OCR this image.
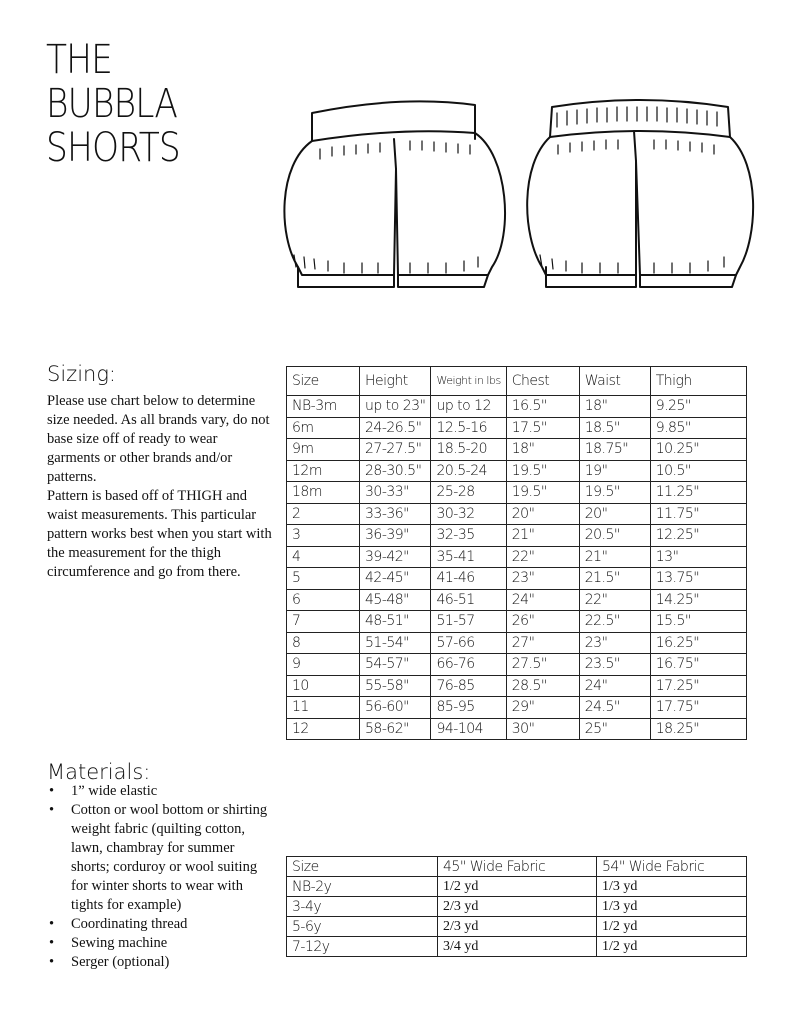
THE
BUBBLA
SHORTS
Sizing:

Please use chart below to determine size needed. As all brands vary, do not base size off of ready to wear garments or other brands and/or patterns.

Pattern is based off of THIGH and waist measurements. This particular pattern works best when you start with the measurement for the thigh circumference and go from there.

Size	Height	Weight in lbs	Chest	Waist	Thigh
NB-3m	up to 23"	up to 12	16.5"	18"	9.25"
6m	24-26.5"	12.5-16	17.5"	18.5"	9.85"
9m	27-27.5"	18.5-20	18"	18.75"	10.25"
12m	28-30.5"	20.5-24	19.5"	19"	10.5"
18m	30-33"	25-28	19.5"	19.5"	11.25"
2	33-36"	30-32	20"	20"	11.75"
3	36-39"	32-35	21"	20.5"	12.25"
4	39-42"	35-41	22"	21"	13"
5	42-45"	41-46	23"	21.5"	13.75"
6	45-48"	46-51	24"	22"	14.25"
7	48-51"	51-57	26"	22.5"	15.5"
8	51-54"	57-66	27"	23"	16.25"
9	54-57"	66-76	27.5"	23.5"	16.75"
10	55-58"	76-85	28.5"	24"	17.25"
11	56-60"	85-95	29"	24.5"	17.75"
12	58-62"	94-104	30"	25"	18.25"
Materials:
• 1” wide elastic
• Cotton or wool bottom or shirting weight fabric (quilting cotton, lawn, chambray for summer shorts; corduroy or wool suiting for winter shorts to wear with tights for example)
• Coordinating thread
• Sewing machine
• Serger (optional)
Size	45" Wide Fabric	54" Wide Fabric
NB-2y	1/2 yd	1/3 yd
3-4y	2/3 yd	1/3 yd
5-6y	2/3 yd	1/2 yd
7-12y	3/4 yd	1/2 yd
